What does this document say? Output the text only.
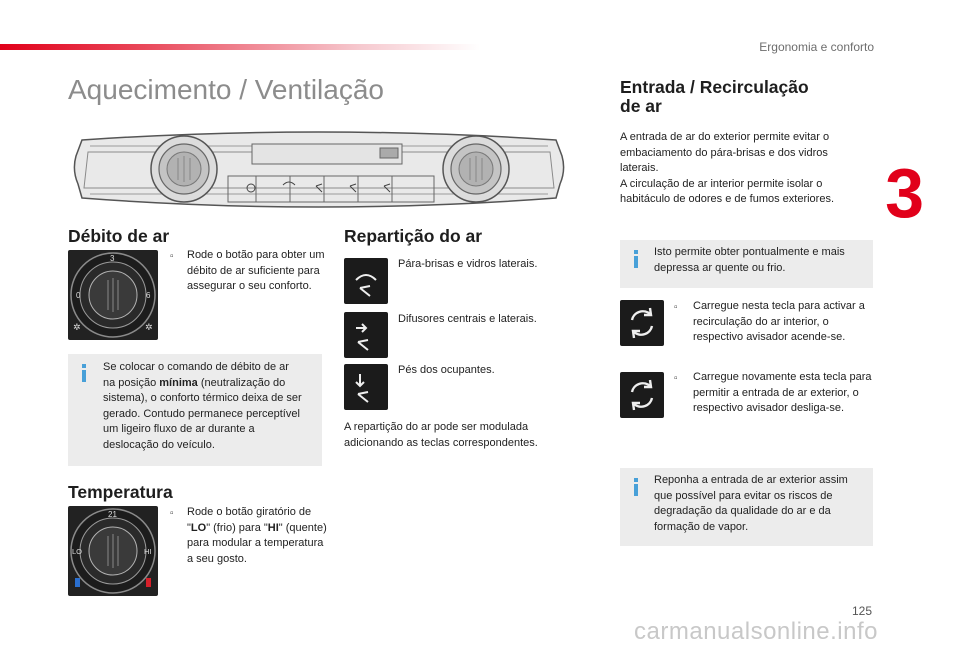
Ergonomia e conforto
3
Aquecimento / Ventilação
Débito de ar
0
3
6
✲	✲
▫ Rode o botão para obter um débito de ar suficiente para assegurar o seu conforto.
Se colocar o comando de débito de ar na posição mínima (neutralização do sistema), o conforto térmico deixa de ser gerado. Contudo permanece perceptível um ligeiro fluxo de ar durante a deslocação do veículo.
Temperatura
LO
21
HI
▫ Rode o botão giratório de "LO" (frio) para "HI" (quente) para modular a temperatura a seu gosto.
Repartição do ar
Pára-brisas e vidros laterais.
Difusores centrais e laterais.
Pés dos ocupantes.
A repartição do ar pode ser modulada adicionando as teclas correspondentes.
Entrada / Recirculação
de ar
A entrada de ar do exterior permite evitar o embaciamento do pára-brisas e dos vidros laterais.
A circulação de ar interior permite isolar o habitáculo de odores e de fumos exteriores.
Isto permite obter pontualmente e mais depressa ar quente ou frio.
▫ Carregue nesta tecla para activar a recirculação do ar interior, o respectivo avisador acende-se.
▫ Carregue novamente esta tecla para permitir a entrada de ar exterior, o respectivo avisador desliga-se.
Reponha a entrada de ar exterior assim que possível para evitar os riscos de degradação da qualidade do ar e da formação de vapor.
125
carmanualsonline.info
